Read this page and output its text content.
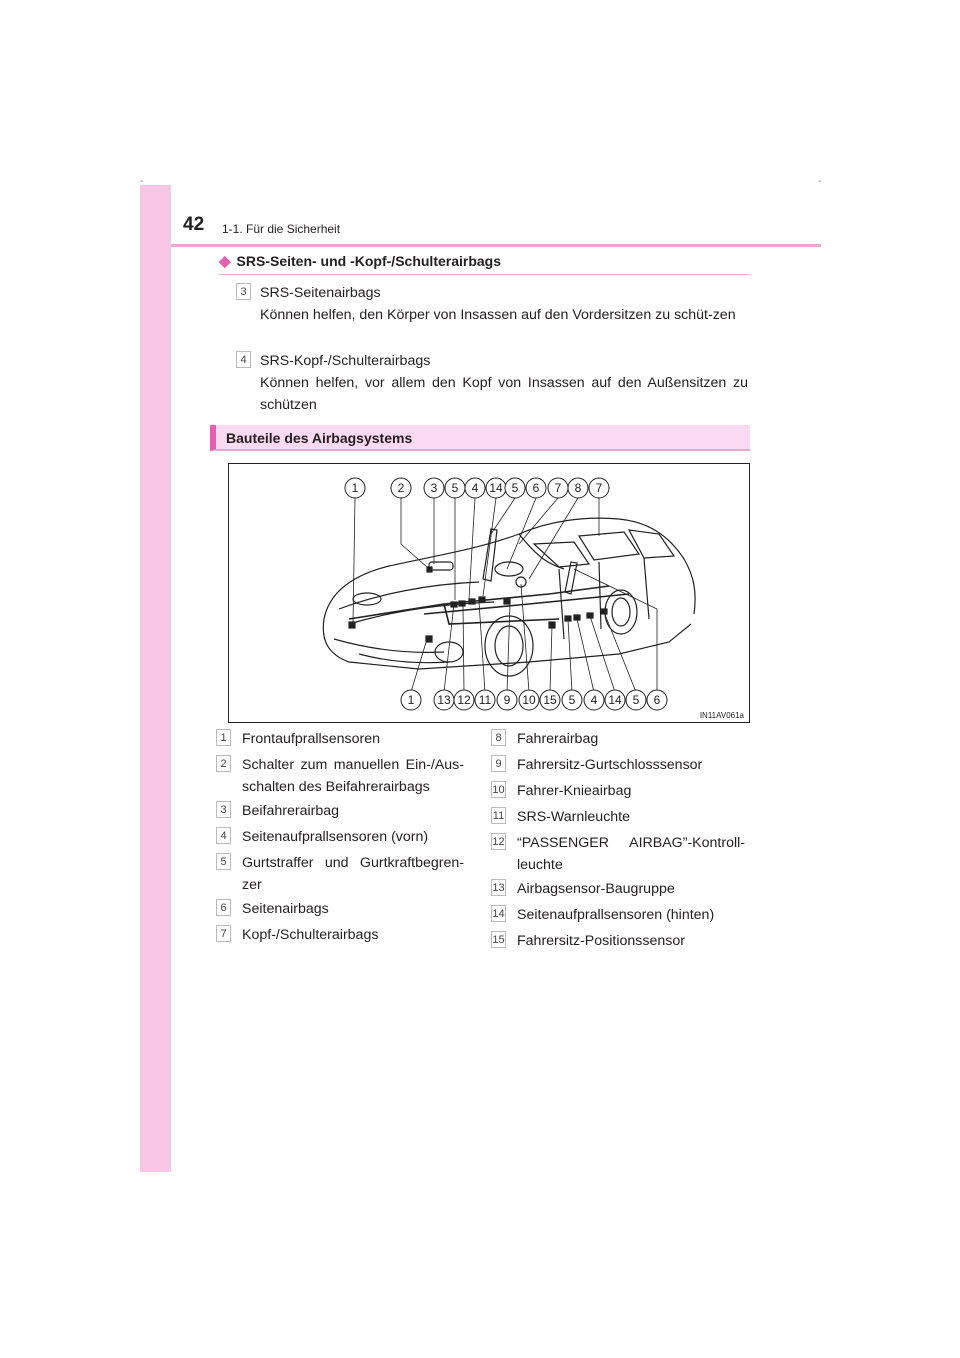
-	-
42 1-1. Für die Sicherheit
◆ SRS-Seiten- und -Kopf-/Schulterairbags
3 SRS-Seitenairbags
Können helfen, den Körper von Insassen auf den Vordersitzen zu schüt-zen
4 SRS-Kopf-/Schulterairbags
Können helfen, vor allem den Kopf von Insassen auf den Außensitzen zu schützen
Bauteile des Airbagsystems
1	2 3 5 4 14 5 6 7 8 7
1 13 12 11 9 10 15 5 4 14 5 6
IN11AV061a
1	Frontaufprallsensoren
2	Schalter zum manuellen Ein-/Aus-schalten des Beifahrerairbags
3	Beifahrerairbag
4	Seitenaufprallsensoren (vorn)
5	Gurtstraffer und Gurtkraftbegren-zer
6	Seitenairbags
7	Kopf-/Schulterairbags
8	Fahrerairbag
9	Fahrersitz-Gurtschlosssensor
10 Fahrer-Knieairbag
11 SRS-Warnleuchte
12 “PASSENGER AIRBAG”-Kontroll-leuchte
13 Airbagsensor-Baugruppe
14 Seitenaufprallsensoren (hinten)
15 Fahrersitz-Positionssensor
